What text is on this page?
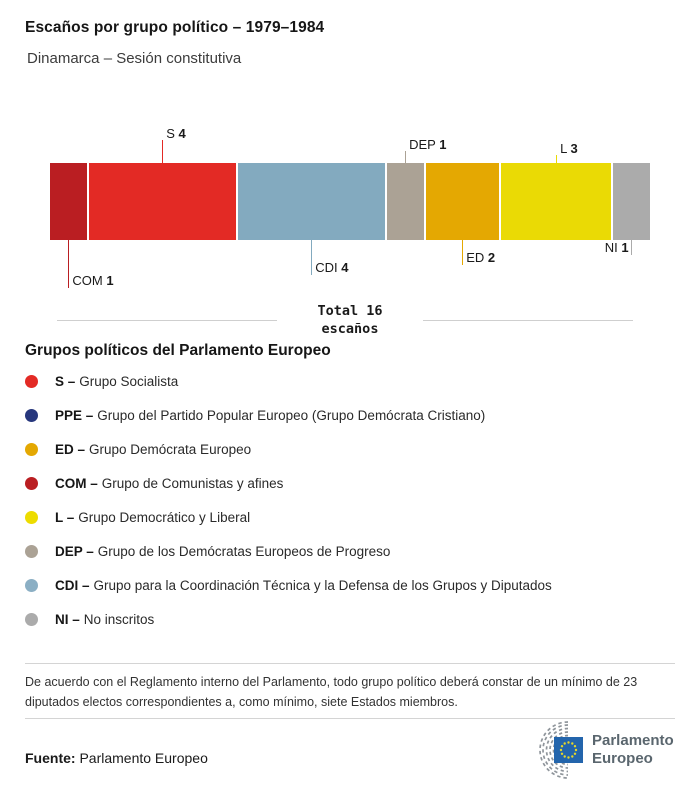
Escaños por grupo político – 1979–1984
Dinamarca – Sesión constitutiva
COM 1
S 4
CDI 4
DEP 1
ED 2
L 3
NI 1
Total 16
escaños
Grupos políticos del Parlamento Europeo
S – Grupo Socialista
PPE – Grupo del Partido Popular Europeo (Grupo Demócrata Cristiano)
ED – Grupo Demócrata Europeo
COM – Grupo de Comunistas y afines
L – Grupo Democrático y Liberal
DEP – Grupo de los Demócratas Europeos de Progreso
CDI – Grupo para la Coordinación Técnica y la Defensa de los Grupos y Diputados
NI – No inscritos
De acuerdo con el Reglamento interno del Parlamento, todo grupo político deberá constar de un mínimo de 23 diputados electos correspondientes a, como mínimo, siete Estados miembros.
Fuente: Parlamento Europeo
Parlamento
Europeo
